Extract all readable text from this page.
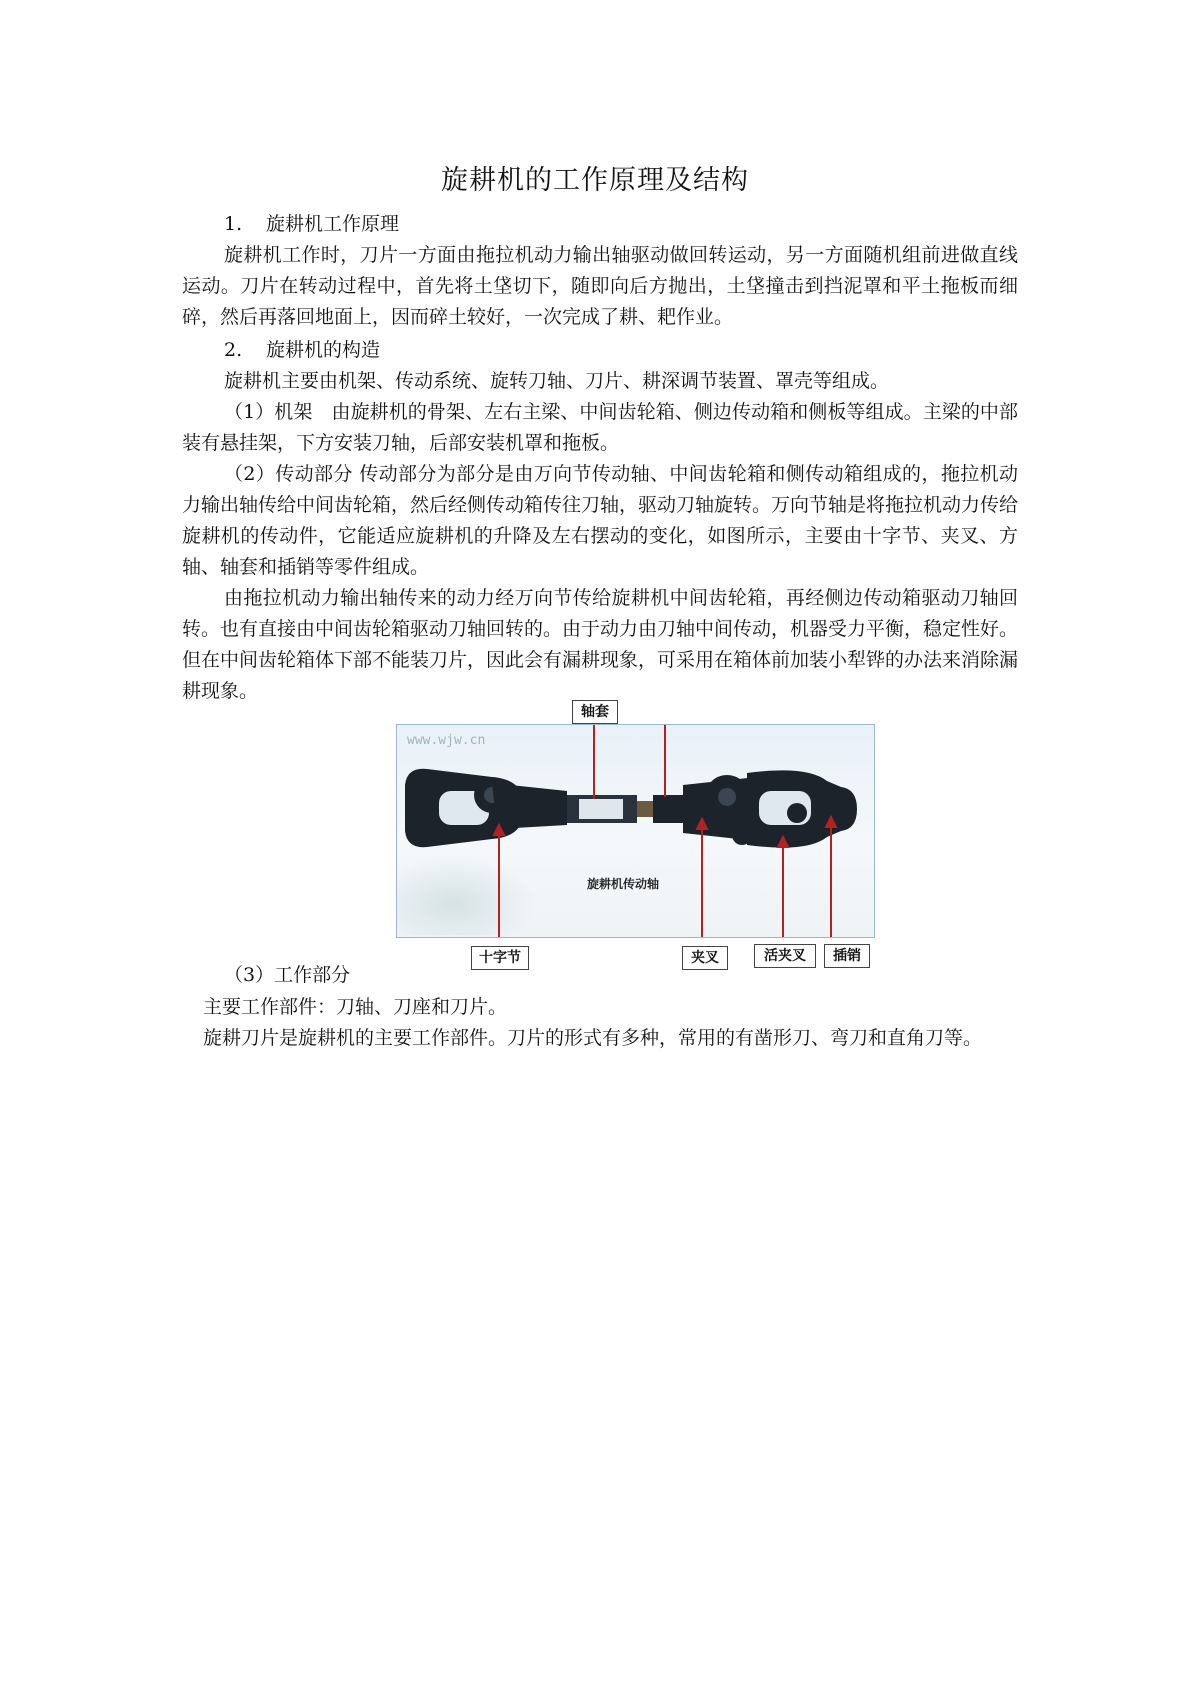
旋耕机的工作原理及结构
1. 旋耕机工作原理

旋耕机工作时，刀片一方面由拖拉机动力输出轴驱动做回转运动，另一方面随机组前进做直线运动。刀片在转动过程中，首先将土垡切下，随即向后方抛出，土垡撞击到挡泥罩和平土拖板而细碎，然后再落回地面上，因而碎土较好，一次完成了耕、耙作业。

2. 旋耕机的构造

旋耕机主要由机架、传动系统、旋转刀轴、刀片、耕深调节装置、罩壳等组成。

（1）机架　由旋耕机的骨架、左右主梁、中间齿轮箱、侧边传动箱和侧板等组成。主梁的中部装有悬挂架，下方安装刀轴，后部安装机罩和拖板。

（2）传动部分 传动部分为部分是由万向节传动轴、中间齿轮箱和侧传动箱组成的，拖拉机动力输出轴传给中间齿轮箱，然后经侧传动箱传往刀轴，驱动刀轴旋转。万向节轴是将拖拉机动力传给旋耕机的传动件，它能适应旋耕机的升降及左右摆动的变化，如图所示，主要由十字节、夹叉、方轴、轴套和插销等零件组成。

由拖拉机动力输出轴传来的动力经万向节传给旋耕机中间齿轮箱，再经侧边传动箱驱动刀轴回转。也有直接由中间齿轮箱驱动刀轴回转的。由于动力由刀轴中间传动，机器受力平衡，稳定性好。但在中间齿轮箱体下部不能装刀片，因此会有漏耕现象，可采用在箱体前加装小犁铧的办法来消除漏耕现象。

轴套
www.wjw.cn
旋耕机传动轴
十字节	夹叉	活夹叉	插销
（3）工作部分
主要工作部件：刀轴、刀座和刀片。

旋耕刀片是旋耕机的主要工作部件。刀片的形式有多种，常用的有凿形刀、弯刀和直角刀等。
